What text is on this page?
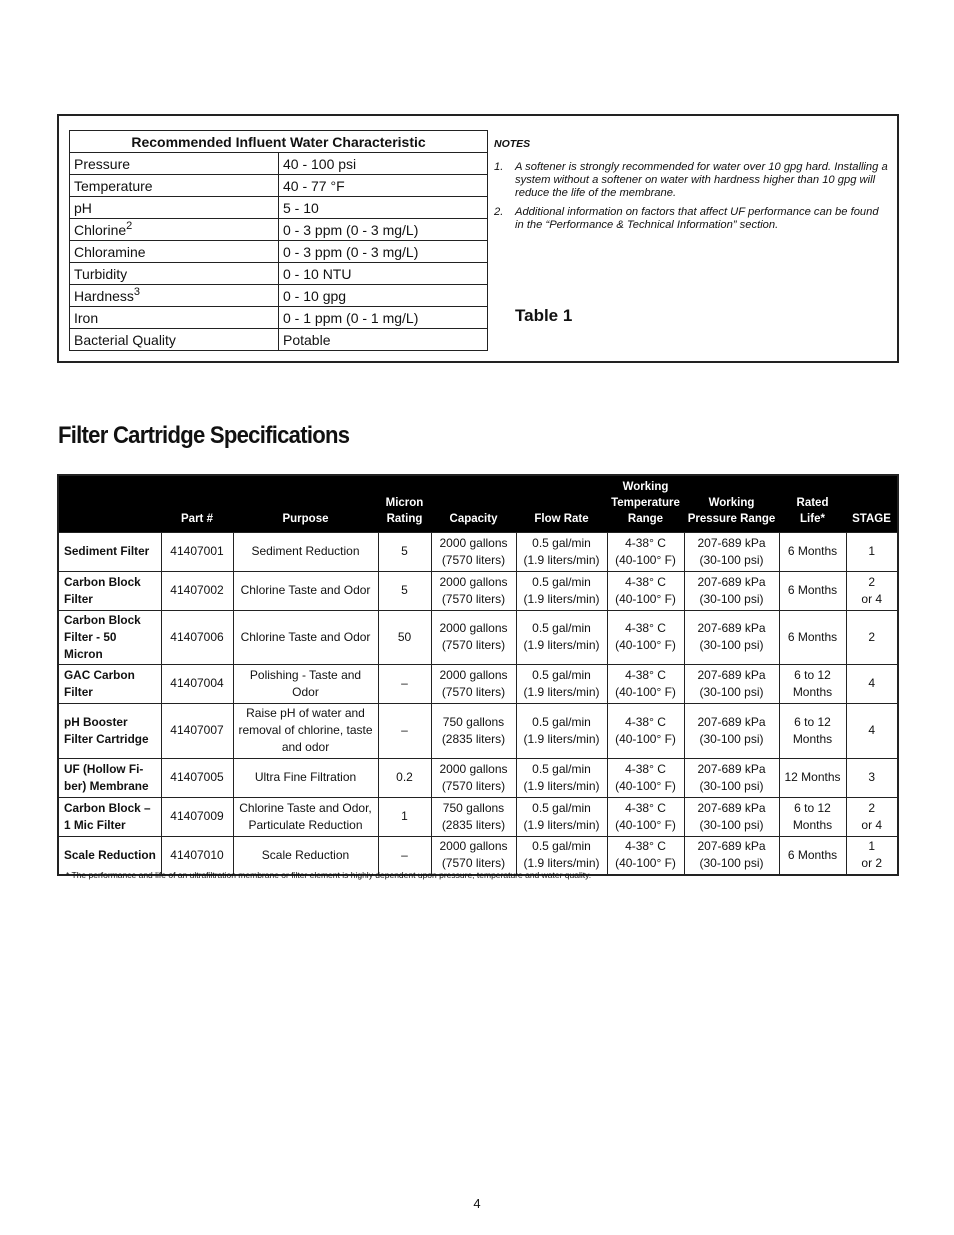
Recommended Influent Water Characteristic	
Pressure	40 - 100 psi
Temperature	40 - 77 °F
pH	5 - 10
Chlorine$^2$	0 - 3 ppm (0 - 3 mg/L)
Chloramine	0 - 3 ppm (0 - 3 mg/L)
Turbidity	0 - 10 NTU
Hardness$^3$	0 - 10 gpg
Iron	0 - 1 ppm (0 - 1 mg/L)
Bacterial Quality	Potable
NOTES
1. A softener is strongly recommended for water over 10 gpg hard. Installing a system without a softener on water with hardness higher than 10 gpg will reduce the life of the membrane.
2. Additional information on factors that affect UF performance can be found in the “Performance & Technical Information” section.
Table 1
Filter Cartridge Specifications
	Part #	Purpose	Micron
Rating	Capacity	Flow Rate	Working
Temperature
Range	Working
Pressure Range	Rated
Life*	STAGE
Sediment Filter	41407001	Sediment Reduction	5	2000 gallons
(7570 liters)	0.5 gal/min
(1.9 liters/min)	4-38° C
(40-100° F)	207-689 kPa
(30-100 psi)	6 Months	1
Carbon Block
Filter	41407002	Chlorine Taste and Odor	5	2000 gallons
(7570 liters)	0.5 gal/min
(1.9 liters/min)	4-38° C
(40-100° F)	207-689 kPa
(30-100 psi)	6 Months	2
or 4
Carbon Block
Filter - 50 Micron	41407006	Chlorine Taste and Odor	50	2000 gallons
(7570 liters)	0.5 gal/min
(1.9 liters/min)	4-38° C
(40-100° F)	207-689 kPa
(30-100 psi)	6 Months	2
GAC Carbon
Filter	41407004	Polishing - Taste and Odor	–	2000 gallons
(7570 liters)	0.5 gal/min
(1.9 liters/min)	4-38° C
(40-100° F)	207-689 kPa
(30-100 psi)	6 to 12
Months	4
pH Booster
Filter Cartridge	41407007	Raise pH of water and
removal of chlorine, taste
and odor	–	750 gallons
(2835 liters)	0.5 gal/min
(1.9 liters/min)	4-38° C
(40-100° F)	207-689 kPa
(30-100 psi)	6 to 12
Months	4
UF (Hollow Fi-
ber) Membrane	41407005	Ultra Fine Filtration	0.2	2000 gallons
(7570 liters)	0.5 gal/min
(1.9 liters/min)	4-38° C
(40-100° F)	207-689 kPa
(30-100 psi)	12 Months	3
Carbon Block –
1 Mic Filter	41407009	Chlorine Taste and Odor,
Particulate Reduction	1	750 gallons
(2835 liters)	0.5 gal/min
(1.9 liters/min)	4-38° C
(40-100° F)	207-689 kPa
(30-100 psi)	6 to 12
Months	2
or 4
Scale Reduction	41407010	Scale Reduction	–	2000 gallons
(7570 liters)	0.5 gal/min
(1.9 liters/min)	4-38° C
(40-100° F)	207-689 kPa
(30-100 psi)	6 Months	1
or 2
* The performance and life of an ultrafiltration membrane or filter element is highly dependent upon pressure, temperature and water quality.
4
